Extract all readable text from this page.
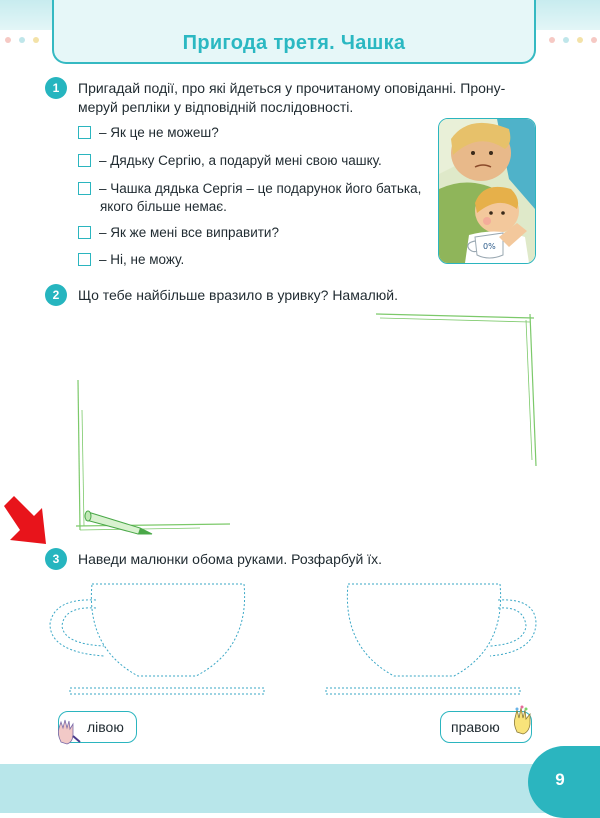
Пригода третя. Чашка
1	Пригадай події, про які йдеться у прочитаному оповіданні. Прону-
меруй репліки у відповідній послідовності.
– Як це не можеш?
– Дядьку Сергію, а подаруй мені свою чашку.
– Чашка дядька Сергія – це подарунок його батька, якого більше немає.
– Як же мені все виправити?
– Ні, не можу.
0%
2	Що тебе найбільше вразило в уривку? Намалюй.
3	Наведи малюнки обома руками. Розфарбуй їх.
лівою	правою
9
